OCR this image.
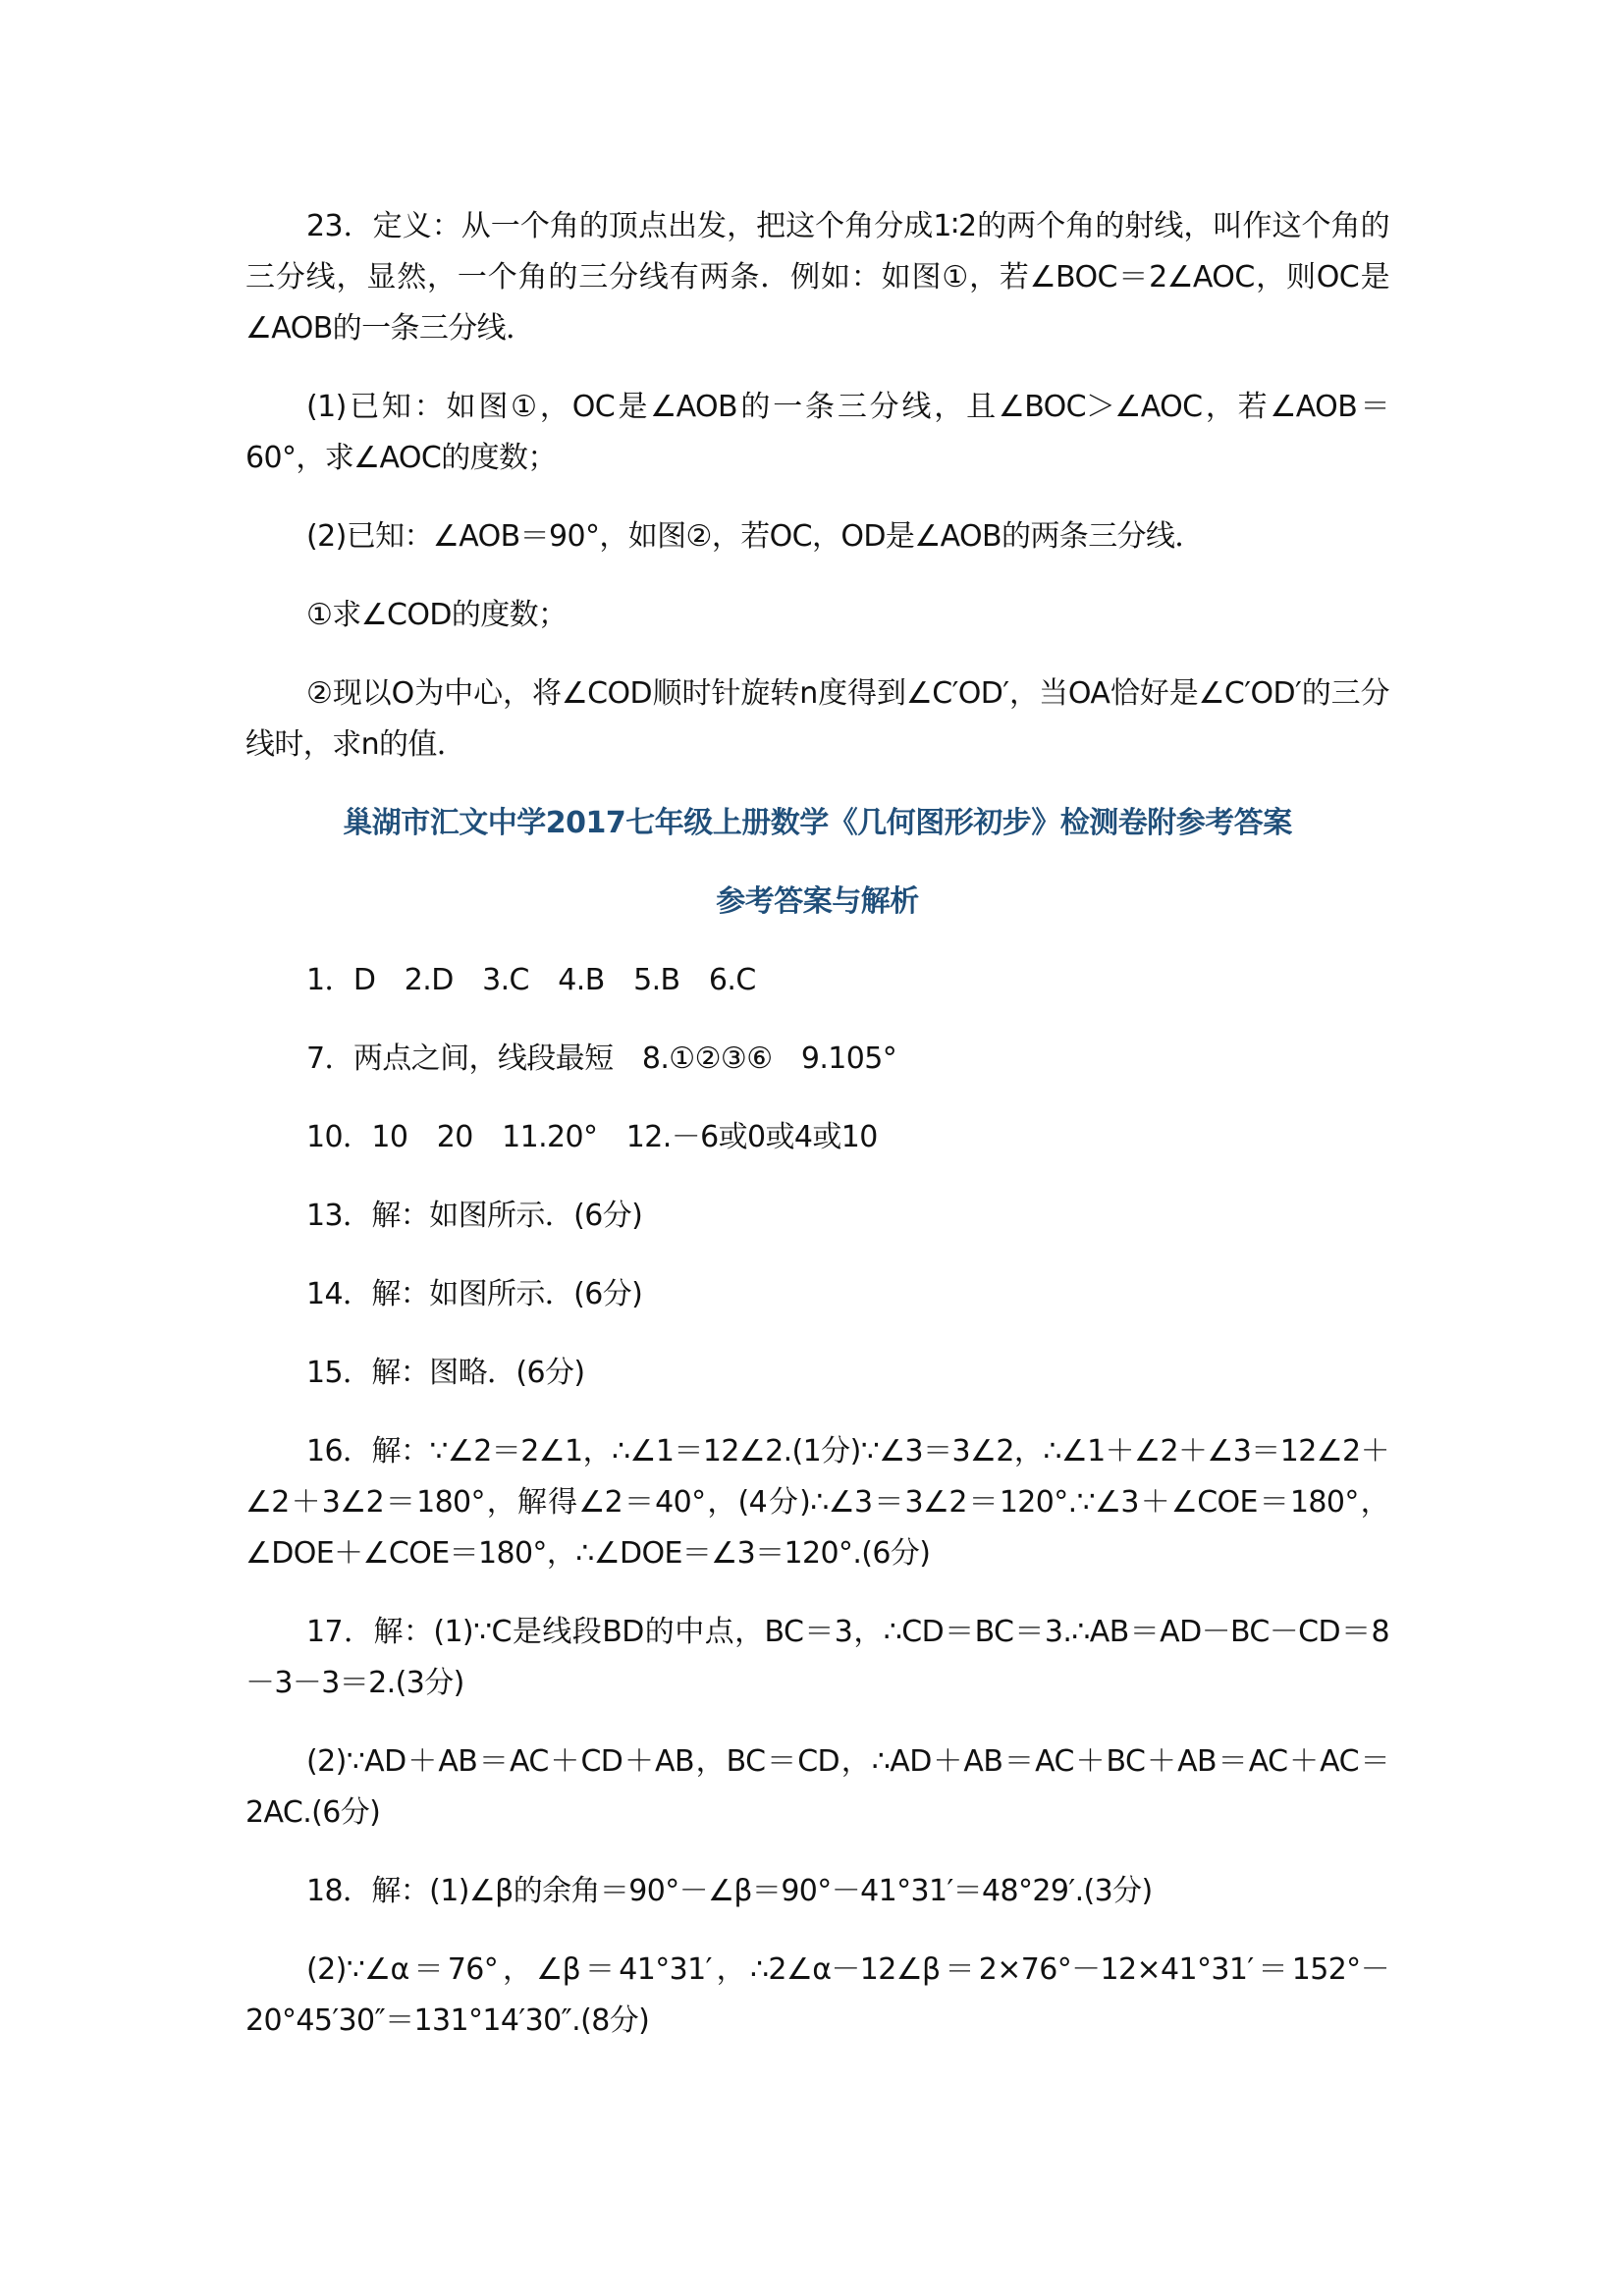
23．定义：从一个角的顶点出发，把这个角分成1∶2的两个角的射线，叫作这个角的三分线，显然，一个角的三分线有两条．例如：如图①，若∠BOC＝2∠AOC，则OC是∠AOB的一条三分线．

(1)已知：如图①，OC是∠AOB的一条三分线，且∠BOC＞∠AOC，若∠AOB＝60°，求∠AOC的度数；

(2)已知：∠AOB＝90°，如图②，若OC，OD是∠AOB的两条三分线．

①求∠COD的度数；

②现以O为中心，将∠COD顺时针旋转n度得到∠C′OD′，当OA恰好是∠C′OD′的三分线时，求n的值．

巢湖市汇文中学2017七年级上册数学《几何图形初步》检测卷附参考答案
参考答案与解析
1．D　2.D　3.C　4.B　5.B　6.C
7．两点之间，线段最短　8.①②③⑥　9.105°
10．10　20　11.20°　12.－6或0或4或10
13．解：如图所示．(6分)
14．解：如图所示．(6分)
15．解：图略．(6分)

16．解：∵∠2＝2∠1，∴∠1＝12∠2.(1分)∵∠3＝3∠2，∴∠1＋∠2＋∠3＝12∠2＋∠2＋3∠2＝180°，解得∠2＝40°，(4分)∴∠3＝3∠2＝120°.∵∠3＋∠COE＝180°，∠DOE＋∠COE＝180°，∴∠DOE＝∠3＝120°.(6分)

17．解：(1)∵C是线段BD的中点，BC＝3，∴CD＝BC＝3.∴AB＝AD－BC－CD＝8－3－3＝2.(3分)

(2)∵AD＋AB＝AC＋CD＋AB，BC＝CD，∴AD＋AB＝AC＋BC＋AB＝AC＋AC＝2AC.(6分)

18．解：(1)∠β的余角＝90°－∠β＝90°－41°31′＝48°29′.(3分)

(2)∵∠α＝76°，∠β＝41°31′，∴2∠α－12∠β＝2×76°－12×41°31′＝152°－20°45′30″＝131°14′30″.(8分)
